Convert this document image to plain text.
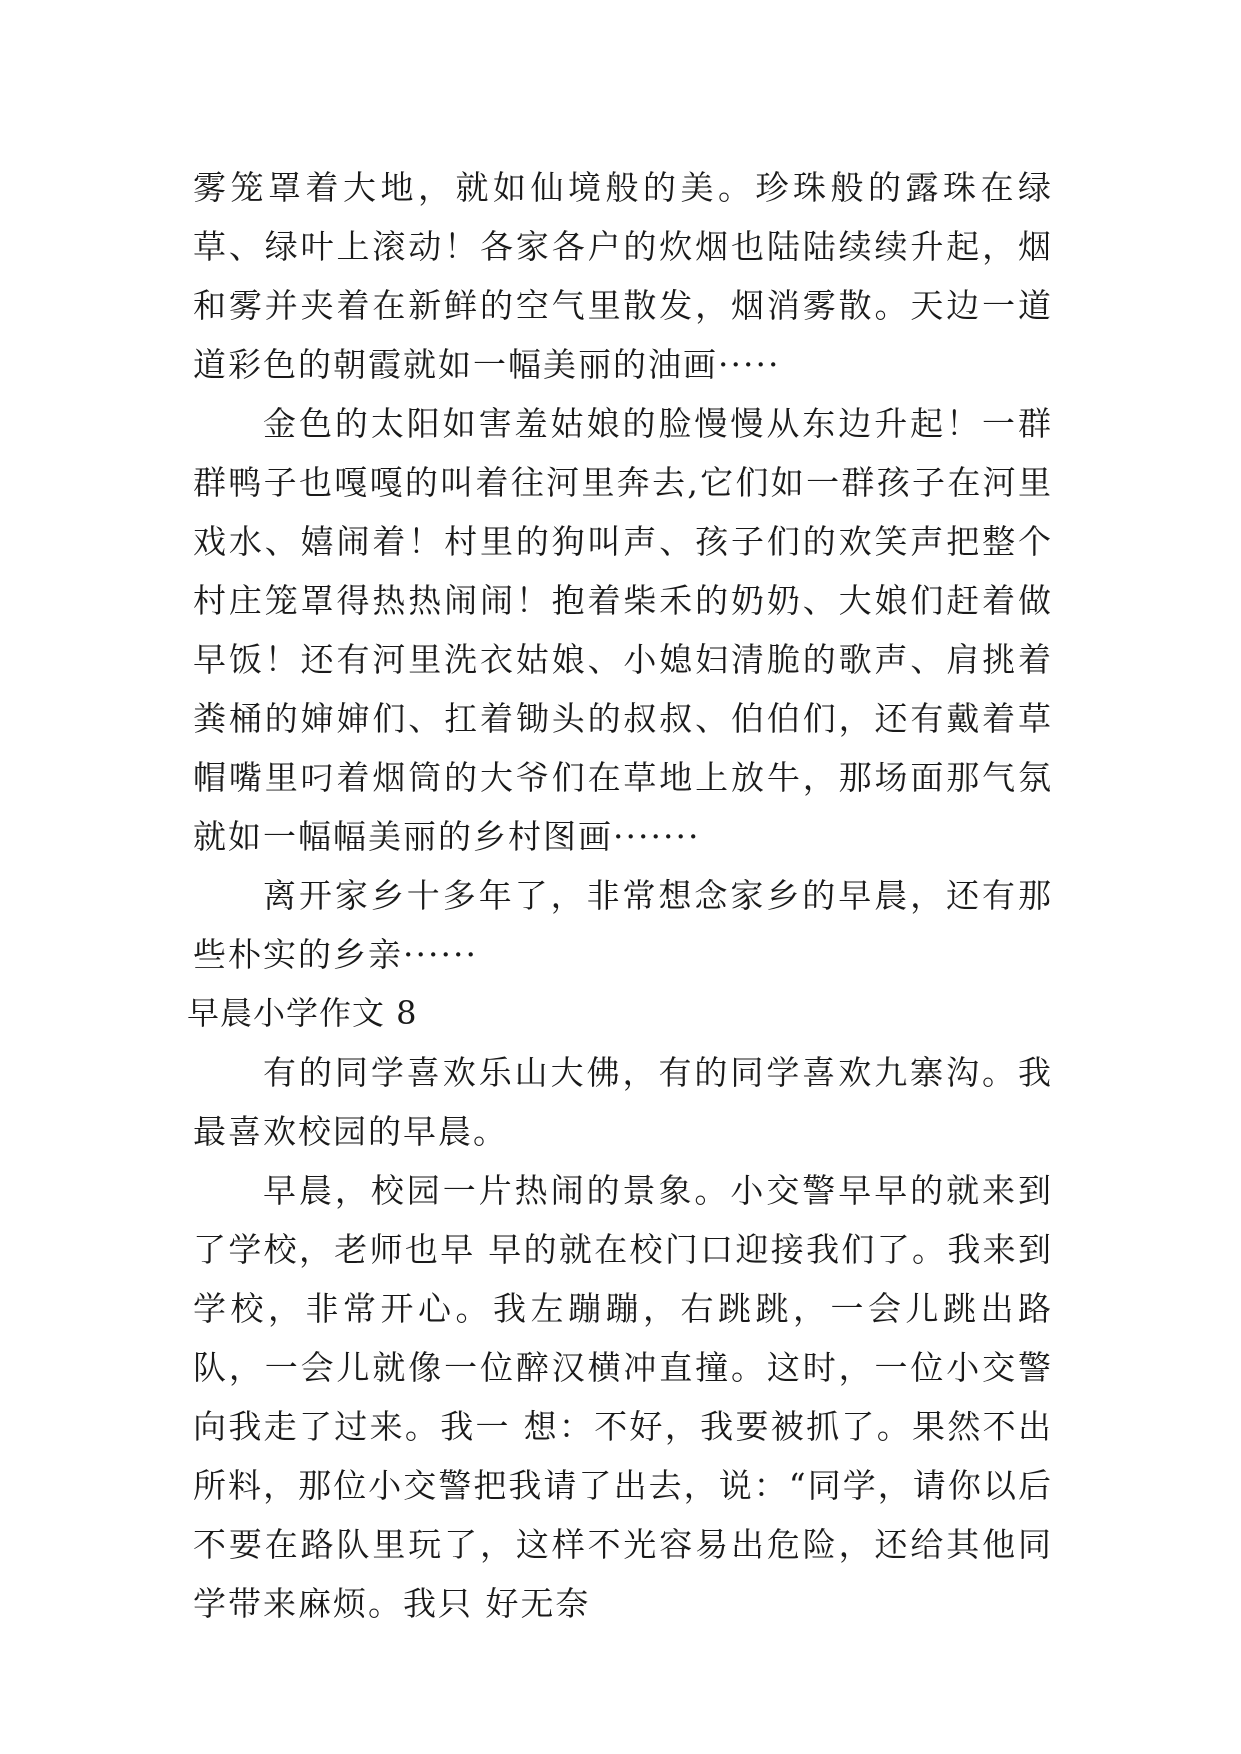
雾笼罩着大地，就如仙境般的美。珍珠般的露珠在绿草、绿叶上滚动！各家各户的炊烟也陆陆续续升起，烟和雾并夹着在新鲜的空气里散发，烟消雾散。天边一道道彩色的朝霞就如一幅美丽的油画·····

金色的太阳如害羞姑娘的脸慢慢从东边升起！一群群鸭子也嘎嘎的叫着往河里奔去,它们如一群孩子在河里戏水、嬉闹着！村里的狗叫声、孩子们的欢笑声把整个村庄笼罩得热热闹闹！抱着柴禾的奶奶、大娘们赶着做早饭！还有河里洗衣姑娘、小媳妇清脆的歌声、肩挑着粪桶的婶婶们、扛着锄头的叔叔、伯伯们，还有戴着草帽嘴里叼着烟筒的大爷们在草地上放牛，那场面那气氛就如一幅幅美丽的乡村图画·······

离开家乡十多年了，非常想念家乡的早晨，还有那些朴实的乡亲······

早晨小学作文 8

有的同学喜欢乐山大佛，有的同学喜欢九寨沟。我最喜欢校园的早晨。

早晨，校园一片热闹的景象。小交警早早的就来到了学校，老师也早 早的就在校门口迎接我们了。我来到学校，非常开心。我左蹦蹦，右跳跳，一会儿跳出路队，一会儿就像一位醉汉横冲直撞。这时，一位小交警向我走了过来。我一 想：不好，我要被抓了。果然不出所料，那位小交警把我请了出去，说：“同学，请你以后不要在路队里玩了，这样不光容易出危险，还给其他同学带来麻烦。我只 好无奈
